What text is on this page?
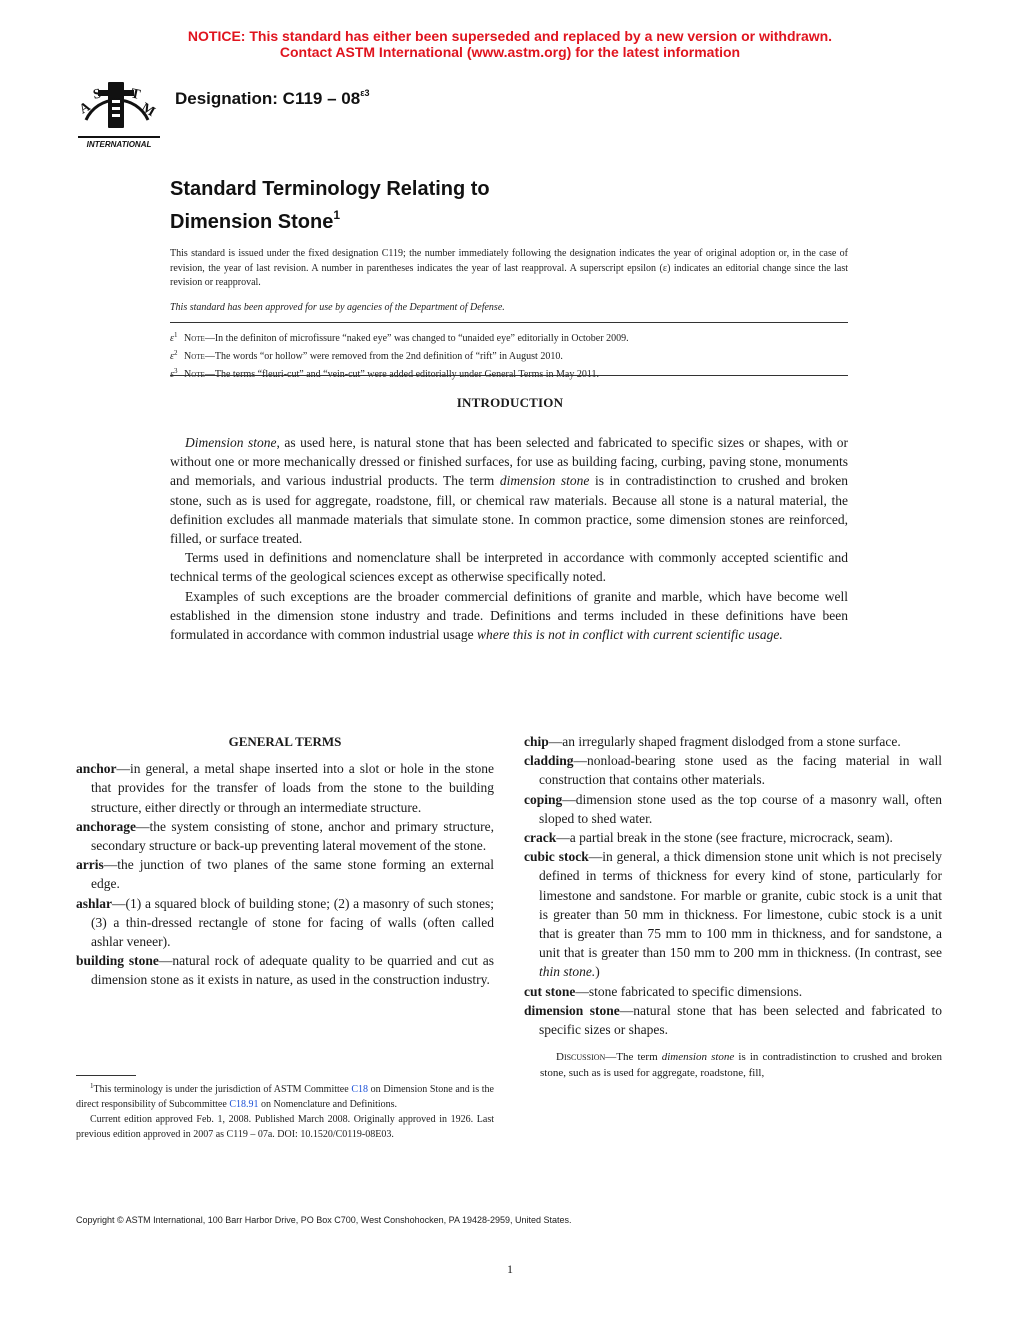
NOTICE: This standard has either been superseded and replaced by a new version or withdrawn.
Contact ASTM International (www.astm.org) for the latest information
A
S T
M
INTERNATIONAL
Designation: $C119 - 08^{\varepsilon 3}$
Standard Terminology Relating to
Dimension Stone$^1$
This standard is issued under the fixed designation C119; the number immediately following the designation indicates the year of original adoption or, in the case of revision, the year of last revision. A number in parentheses indicates the year of last reapproval. A superscript epsilon (ε) indicates an editorial change since the last revision or reapproval.
This standard has been approved for use by agencies of the Department of Defense.
$\varepsilon^1$ Note—In the definiton of microfissure “naked eye” was changed to “unaided eye” editorially in October 2009.
$\varepsilon^2$ Note—The words “or hollow” were removed from the 2nd definition of “rift” in August 2010.
$\varepsilon^3$ Note—The terms “fleuri-cut” and “vein-cut” were added editorially under General Terms in May 2011.
INTRODUCTION

Dimension stone, as used here, is natural stone that has been selected and fabricated to specific sizes or shapes, with or without one or more mechanically dressed or finished surfaces, for use as building facing, curbing, paving stone, monuments and memorials, and various industrial products. The term dimension stone is in contradistinction to crushed and broken stone, such as is used for aggregate, roadstone, fill, or chemical raw materials. Because all stone is a natural material, the definition excludes all manmade materials that simulate stone. In common practice, some dimension stones are reinforced, filled, or surface treated.

Terms used in definitions and nomenclature shall be interpreted in accordance with commonly accepted scientific and technical terms of the geological sciences except as otherwise specifically noted.

Examples of such exceptions are the broader commercial definitions of granite and marble, which have become well established in the dimension stone industry and trade. Definitions and terms included in these definitions have been formulated in accordance with common industrial usage where this is not in conflict with current scientific usage.

GENERAL TERMS

anchor—in general, a metal shape inserted into a slot or hole in the stone that provides for the transfer of loads from the stone to the building structure, either directly or through an intermediate structure.

anchorage—the system consisting of stone, anchor and primary structure, secondary structure or back-up preventing lateral movement of the stone.

arris—the junction of two planes of the same stone forming an external edge.

ashlar—(1) a squared block of building stone; (2) a masonry of such stones; (3) a thin-dressed rectangle of stone for facing of walls (often called ashlar veneer).

building stone—natural rock of adequate quality to be quarried and cut as dimension stone as it exists in nature, as used in the construction industry.

chip—an irregularly shaped fragment dislodged from a stone surface.

cladding—nonload-bearing stone used as the facing material in wall construction that contains other materials.

coping—dimension stone used as the top course of a masonry wall, often sloped to shed water.

crack—a partial break in the stone (see fracture, microcrack, seam).

cubic stock—in general, a thick dimension stone unit which is not precisely defined in terms of thickness for every kind of stone, particularly for limestone and sandstone. For marble or granite, cubic stock is a unit that is greater than 50 mm in thickness. For limestone, cubic stock is a unit that is greater than 75 mm to 100 mm in thickness, and for sandstone, a unit that is greater than 150 mm to 200 mm in thickness. (In contrast, see thin stone.)

cut stone—stone fabricated to specific dimensions.

dimension stone—natural stone that has been selected and fabricated to specific sizes or shapes.

Discussion—The term dimension stone is in contradistinction to crushed and broken stone, such as is used for aggregate, roadstone, fill,

$^1$This terminology is under the jurisdiction of ASTM Committee C18 on Dimension Stone and is the direct responsibility of Subcommittee C18.91 on Nomenclature and Definitions.

Current edition approved Feb. 1, 2008. Published March 2008. Originally approved in 1926. Last previous edition approved in 2007 as C119 – 07a. DOI: 10.1520/C0119-08E03.

Copyright © ASTM International, 100 Barr Harbor Drive, PO Box C700, West Conshohocken, PA 19428-2959, United States.
1
